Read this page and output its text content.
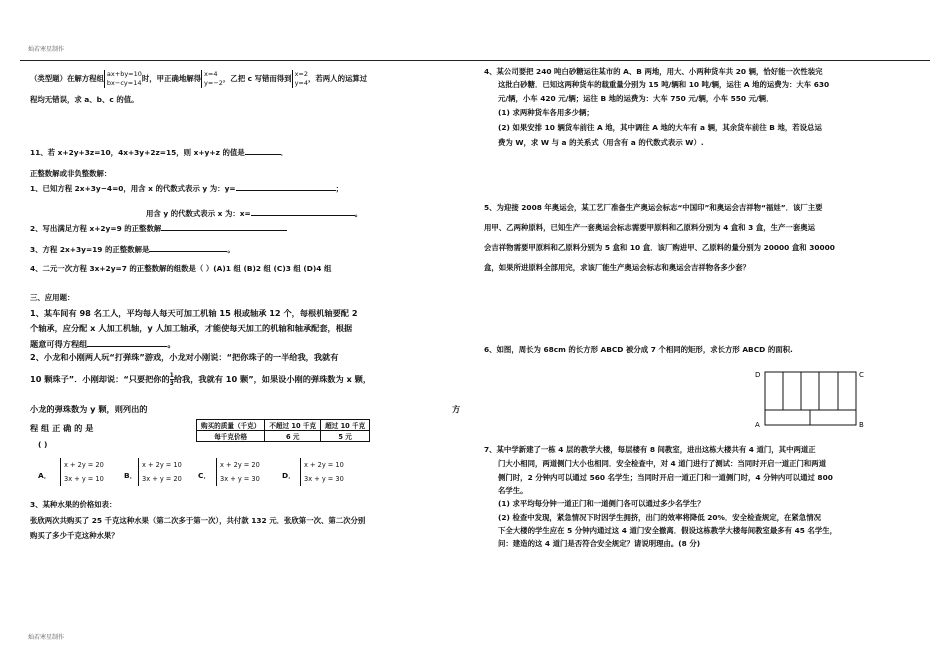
灿若寒星制作
灿若寒星制作
（类型题）在解方程组 ax+by=10
bx−cy=14时，甲正确地解得 x=4
y=−2，乙把 c 写错而得到 x=2
y=4，若两人的运算过
程均无错误，求 a、b、c 的值。
11、若 x+2y+3z=10，4x+3y+2z=15，则 x+y+z 的值是	．
正整数解或非负整数解：
1、已知方程 2x+3y−4=0，用含 x 的代数式表示 y 为：y=	；
用含 y 的代数式表示 x 为：x=	。
2、写出满足方程 x+2y=9 的正整数解
3、方程 2x+3y=19 的正整数解是	。
4、二元一次方程 3x+2y=7 的正整数解的组数是（ ）(A)1 组 (B)2 组 (C)3 组 (D)4 组
三、应用题：
1、某车间有 98 名工人，平均每人每天可加工机轴 15 根或轴承 12 个，每根机轴要配 2
个轴承，应分配 x 人加工机轴，y 人加工轴承，才能使每天加工的机轴和轴承配套，根据
题意可得方程组	。
2、小龙和小刚两人玩“打弹珠”游戏，小龙对小刚说：“把你珠子的一半给我，我就有
10 颗珠子”．小刚却说：“只要把你的 $\frac{1}{3}$ 给我，我就有 10 颗”，如果设小刚的弹珠数为 x 颗，
小龙的弹珠数为 y 颗，则列出的	方
程 组 正 确 的 是
( )
购买的质量（千克）	不超过 10 千克	超过 10 千克
每千克价格	6 元	5 元
A．
x + 2y = 20
3x + y = 10	B．
x + 2y = 10
3x + y = 20 C．
x + 2y = 20
3x + y = 30	D．
x + 2y = 10
3x + y = 30
3、某种水果的价格如表：
张欣两次共购买了 25 千克这种水果（第二次多于第一次），共付款 132 元．张欣第一次、第二次分别
购买了多少千克这种水果？
4、某公司要把 240 吨白砂糖运往某市的 A、B 两地，用大、小两种货车共 20 辆，恰好能一次性装完
这批白砂糖．已知这两种货车的载重量分别为 15 吨/辆和 10 吨/辆，运往 A 地的运费为：大车 630
元/辆，小车 420 元/辆；运往 B 地的运费为：大车 750 元/辆，小车 550 元/辆．
(1) 求两种货车各用多少辆；
(2) 如果安排 10 辆货车前往 A 地，其中调往 A 地的大车有 a 辆，其余货车前往 B 地，若设总运
费为 W，求 W 与 a 的关系式（用含有 a 的代数式表示 W）.
5、为迎接 2008 年奥运会，某工艺厂准备生产奥运会标志“中国印”和奥运会吉祥物“福娃”．该厂主要
用甲、乙两种原料，已知生产一套奥运会标志需要甲原料和乙原料分别为 4 盒和 3 盒，生产一套奥运
会吉祥物需要甲原料和乙原料分别为 5 盒和 10 盒．该厂购进甲、乙原料的量分别为 20000 盒和 30000
盒，如果所进原料全部用完，求该厂能生产奥运会标志和奥运会吉祥物各多少套？
6、如图，周长为 68cm 的长方形 ABCD 被分成 7 个相同的矩形，求长方形 ABCD 的面积.
D	C
A	B
7、某中学新建了一栋 4 层的教学大楼，每层楼有 8 间教室，进出这栋大楼共有 4 道门，其中两道正
门大小相同，两道侧门大小也相同．安全检查中，对 4 道门进行了测试：当同时开启一道正门和两道
侧门时，2 分钟内可以通过 560 名学生；当同时开启一道正门和一道侧门时，4 分钟内可以通过 800
名学生。
(1) 求平均每分钟一道正门和一道侧门各可以通过多少名学生？
(2) 检查中发现，紧急情况下时因学生拥挤，出门的效率将降低 20%．安全检查规定，在紧急情况
下全大楼的学生应在 5 分钟内通过这 4 道门安全撤离．假设这栋教学大楼每间教室最多有 45 名学生，
问：建造的这 4 道门是否符合安全规定？请说明理由。(8 分)
